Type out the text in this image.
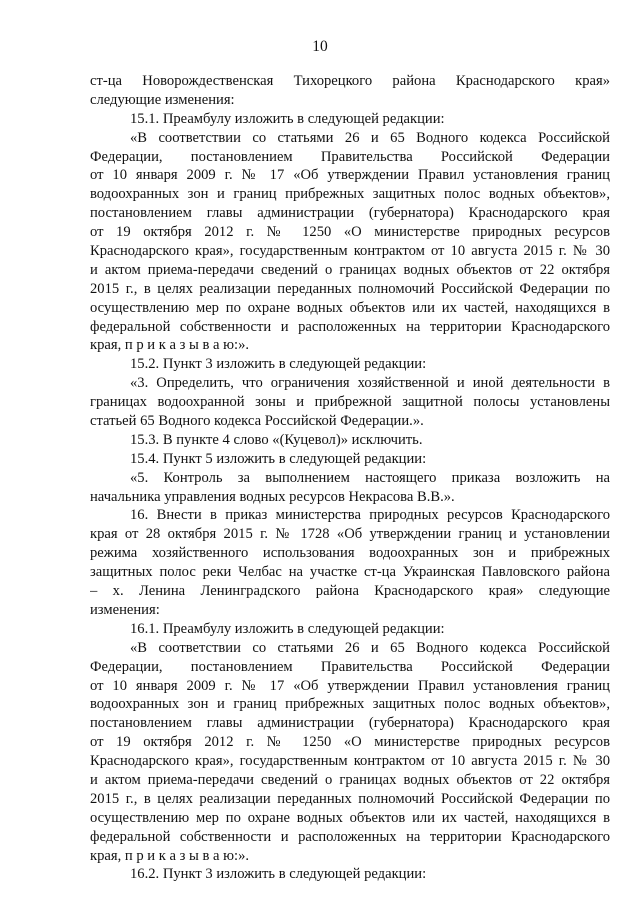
10
ст-ца Новорождественская Тихорецкого района Краснодарского края»
следующие изменения:
15.1. Преамбулу изложить в следующей редакции:
«В соответствии со статьями 26 и 65 Водного кодекса Российской
Федерации, постановлением Правительства Российской Федерации
от 10 января 2009 г. № 17 «Об утверждении Правил установления границ
водоохранных зон и границ прибрежных защитных полос водных объектов»,
постановлением главы администрации (губернатора) Краснодарского края
от 19 октября 2012 г. № 1250 «О министерстве природных ресурсов
Краснодарского края», государственным контрактом от 10 августа 2015 г. № 30
и актом приема-передачи сведений о границах водных объектов от 22 октября
2015 г., в целях реализации переданных полномочий Российской Федерации по
осуществлению мер по охране водных объектов или их частей, находящихся в
федеральной собственности и расположенных на территории Краснодарского
края, п р и к а з ы в а ю:».
15.2. Пункт 3 изложить в следующей редакции:
«3. Определить, что ограничения хозяйственной и иной деятельности в
границах водоохранной зоны и прибрежной защитной полосы установлены
статьей 65 Водного кодекса Российской Федерации.».
15.3. В пункте 4 слово «(Куцевол)» исключить.
15.4. Пункт 5 изложить в следующей редакции:
«5. Контроль за выполнением настоящего приказа возложить на
начальника управления водных ресурсов Некрасова В.В.».
16. Внести в приказ министерства природных ресурсов Краснодарского
края от 28 октября 2015 г. № 1728 «Об утверждении границ и установлении
режима хозяйственного использования водоохранных зон и прибрежных
защитных полос реки Челбас на участке ст-ца Украинская Павловского района
– х. Ленина Ленинградского района Краснодарского края» следующие
изменения:
16.1. Преамбулу изложить в следующей редакции:
«В соответствии со статьями 26 и 65 Водного кодекса Российской
Федерации, постановлением Правительства Российской Федерации
от 10 января 2009 г. № 17 «Об утверждении Правил установления границ
водоохранных зон и границ прибрежных защитных полос водных объектов»,
постановлением главы администрации (губернатора) Краснодарского края
от 19 октября 2012 г. № 1250 «О министерстве природных ресурсов
Краснодарского края», государственным контрактом от 10 августа 2015 г. № 30
и актом приема-передачи сведений о границах водных объектов от 22 октября
2015 г., в целях реализации переданных полномочий Российской Федерации по
осуществлению мер по охране водных объектов или их частей, находящихся в
федеральной собственности и расположенных на территории Краснодарского
края, п р и к а з ы в а ю:».
16.2. Пункт 3 изложить в следующей редакции:
